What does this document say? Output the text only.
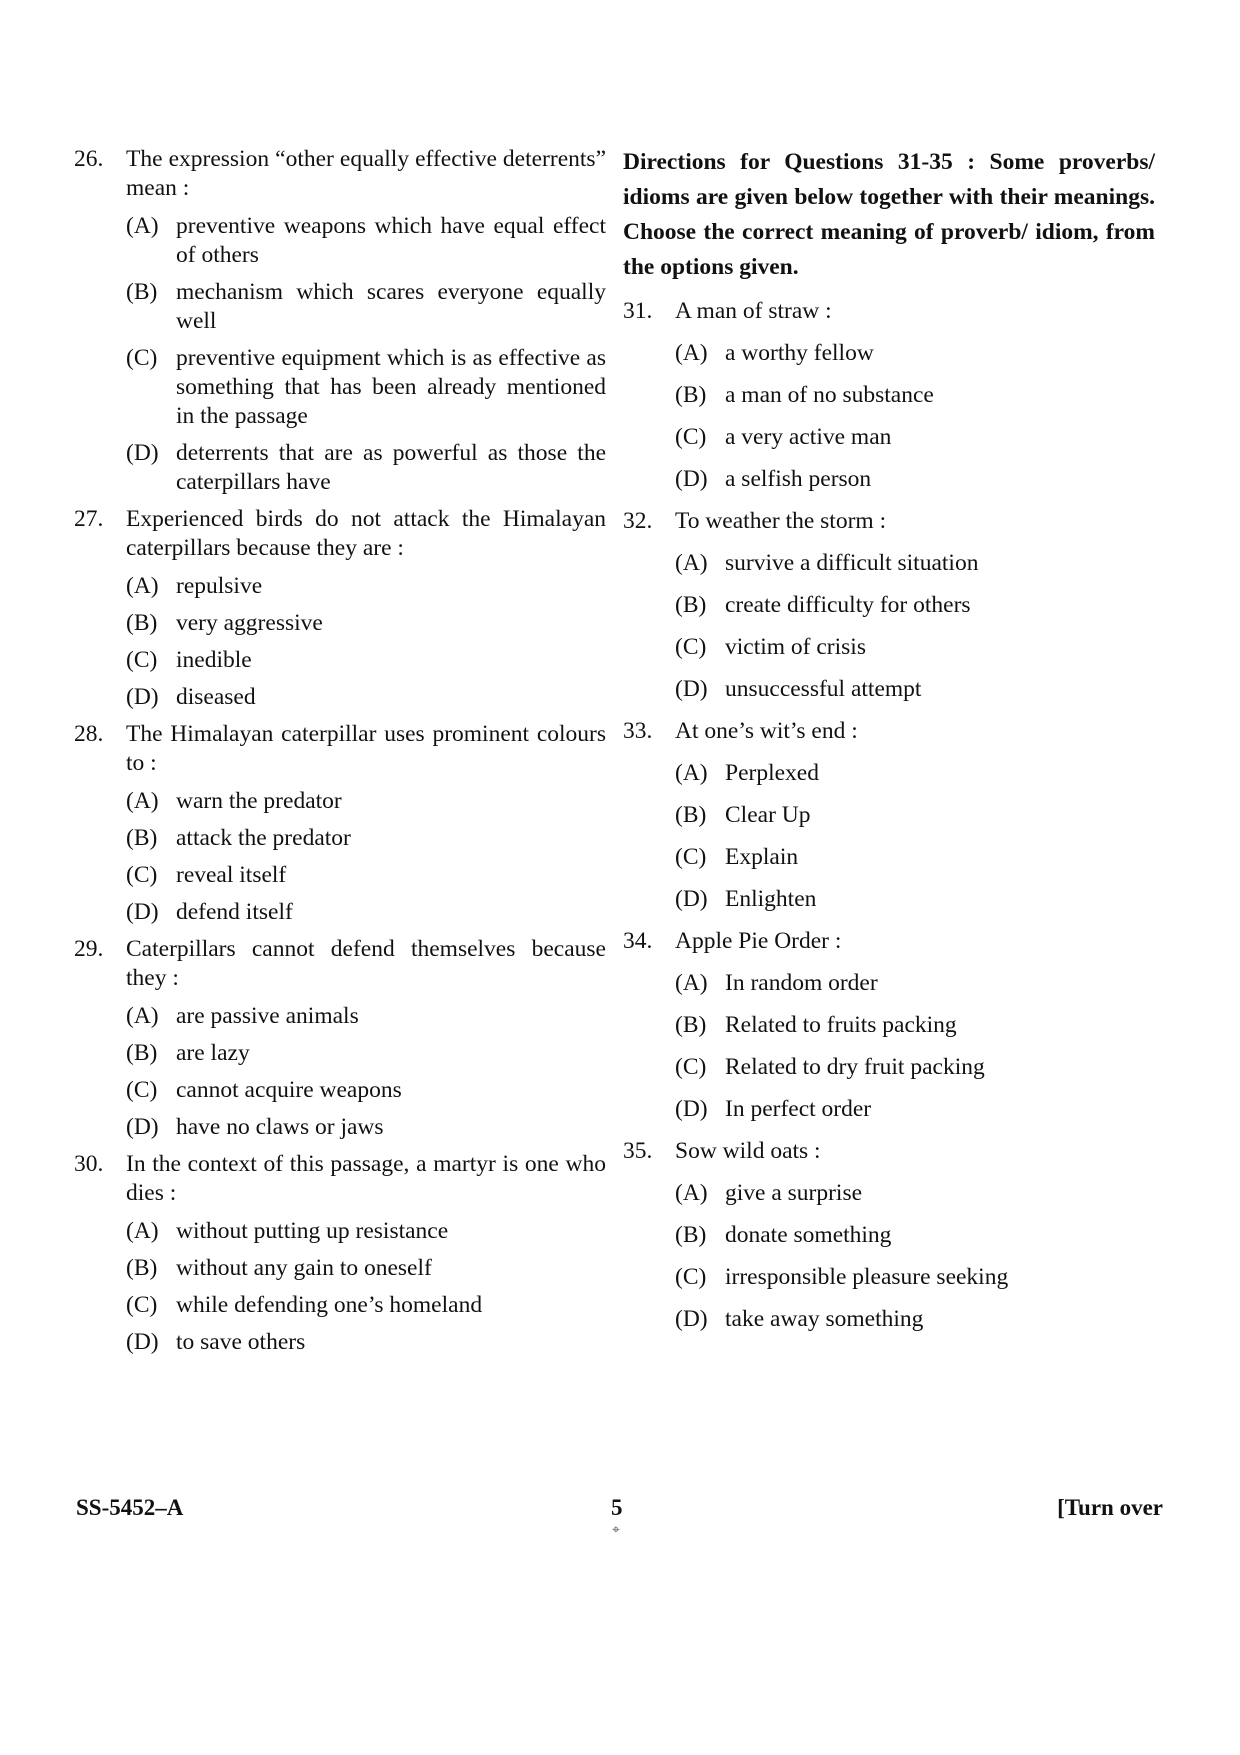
26. The expression “other equally effective deterrents” mean :
(A) preventive weapons which have equal effect of others
(B) mechanism which scares everyone equally well
(C) preventive equipment which is as effective as something that has been already mentioned in the passage
(D) deterrents that are as powerful as those the caterpillars have
27. Experienced birds do not attack the Himalayan caterpillars because they are :
(A) repulsive
(B) very aggressive
(C) inedible
(D) diseased
28. The Himalayan caterpillar uses prominent colours to :
(A) warn the predator
(B) attack the predator
(C) reveal itself
(D) defend itself
29. Caterpillars cannot defend themselves because they :
(A) are passive animals
(B) are lazy
(C) cannot acquire weapons
(D) have no claws or jaws
30. In the context of this passage, a martyr is one who dies :
(A) without putting up resistance
(B) without any gain to oneself
(C) while defending one’s homeland
(D) to save others
Directions for Questions 31-35 : Some proverbs/ idioms are given below together with their meanings. Choose the correct meaning of proverb/ idiom, from the options given.
31. A man of straw :
(A) a worthy fellow
(B) a man of no substance
(C) a very active man
(D) a selfish person
32. To weather the storm :
(A) survive a difficult situation
(B) create difficulty for others
(C) victim of crisis
(D) unsuccessful attempt
33. At one’s wit’s end :
(A) Perplexed
(B) Clear Up
(C) Explain
(D) Enlighten
34. Apple Pie Order :
(A) In random order
(B) Related to fruits packing
(C) Related to dry fruit packing
(D) In perfect order
35. Sow wild oats :
(A) give a surprise
(B) donate something
(C) irresponsible pleasure seeking
(D) take away something
SS-5452–A	5	[Turn over
⌖
